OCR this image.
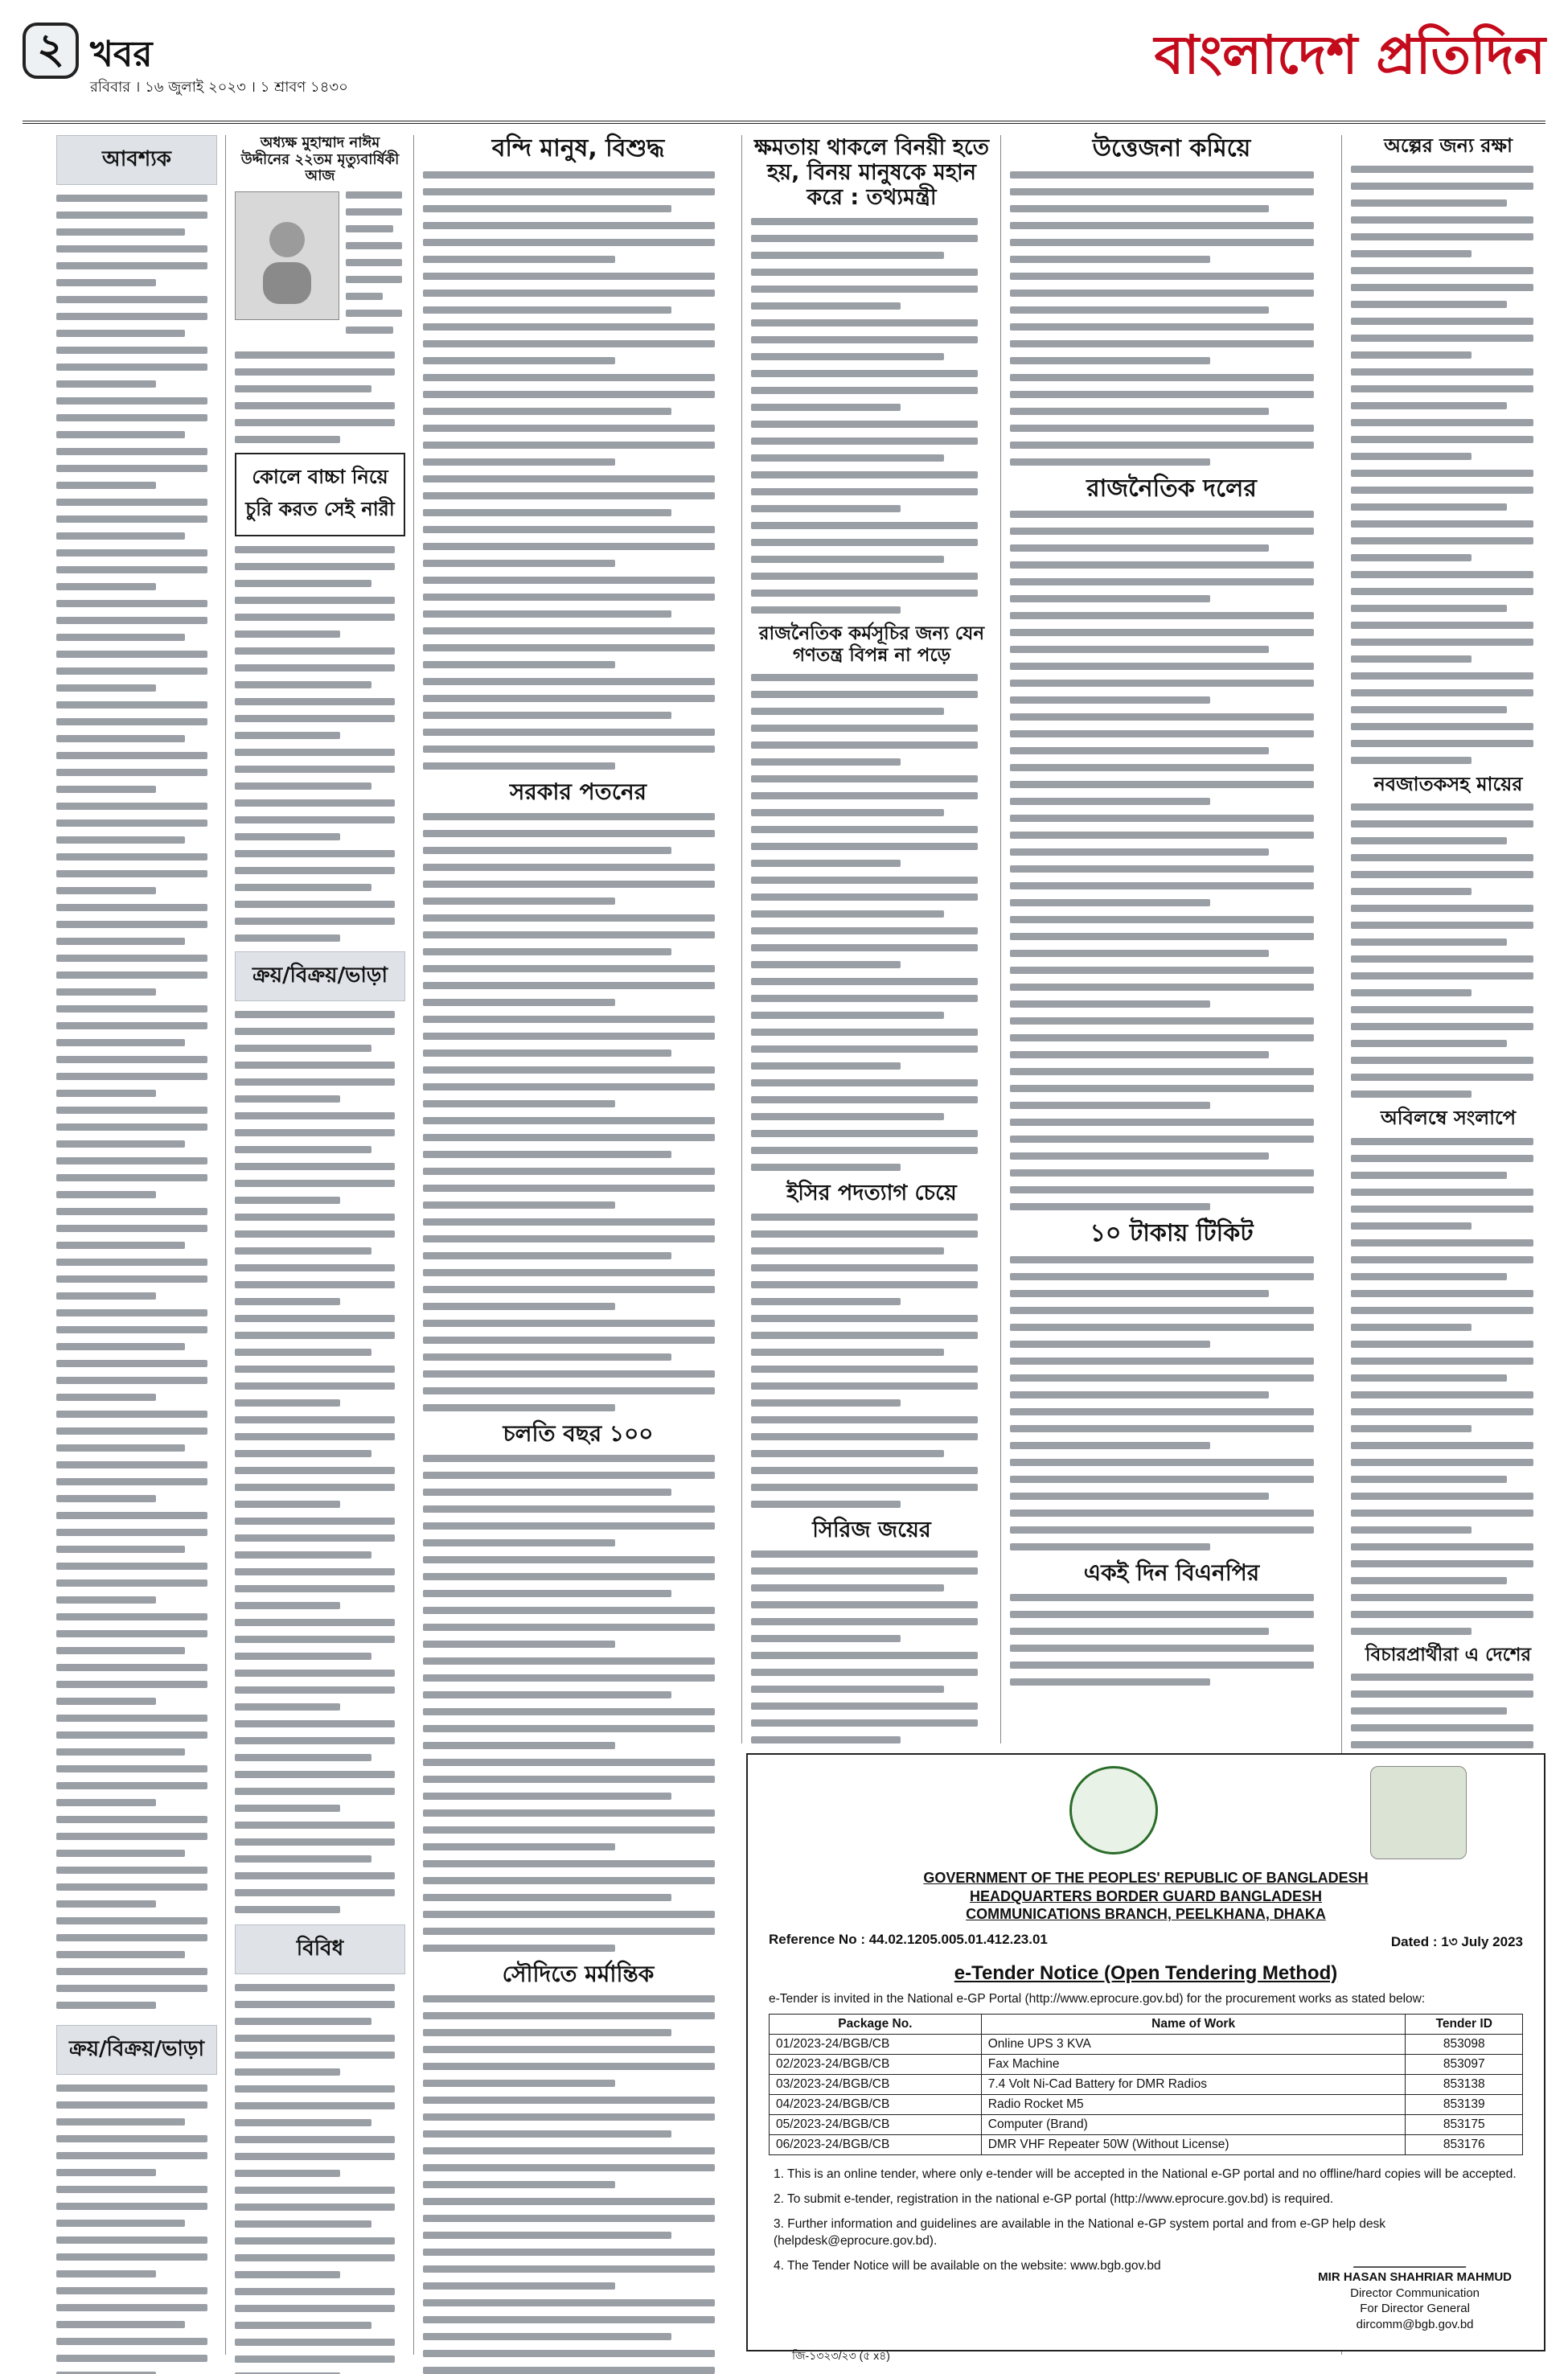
২ খবর
রবিবার । ১৬ জুলাই ২০২৩ । ১ শ্রাবণ ১৪৩০
বাংলাদেশ প্রতিদিন
আবশ্যক
ক্রয়/বিক্রয়/ভাড়া
অধ্যক্ষ মুহাম্মাদ নাঈম উদ্দীনের ২২তম মৃত্যুবার্ষিকী আজ
কোলে বাচ্চা নিয়ে চুরি করত সেই নারী
ক্রয়/বিক্রয়/ভাড়া
বিবিধ
বন্দি মানুষ, বিশুদ্ধ
সরকার পতনের
চলতি বছর ১০০
সৌদিতে মর্মান্তিক
ক্ষমতায় থাকলে বিনয়ী হতে হয়, বিনয় মানুষকে মহান করে : তথ্যমন্ত্রী
রাজনৈতিক কর্মসূচির জন্য যেন গণতন্ত্র বিপন্ন না পড়ে
ইসির পদত্যাগ চেয়ে
সিরিজ জয়ের
উত্তেজনা কমিয়ে
রাজনৈতিক দলের
১০ টাকায় টিকিট
একই দিন বিএনপির
অল্পের জন্য রক্ষা
নবজাতকসহ মায়ের
অবিলম্বে সংলাপে
বিচারপ্রার্থীরা এ দেশের
GOVERNMENT OF THE PEOPLES' REPUBLIC OF BANGLADESH
HEADQUARTERS BORDER GUARD BANGLADESH
COMMUNICATIONS BRANCH, PEELKHANA, DHAKA
Reference No : 44.02.1205.005.01.412.23.01	Dated : 1৩ July 2023
e-Tender Notice (Open Tendering Method)

e-Tender is invited in the National e-GP Portal (http://www.eprocure.gov.bd) for the procurement works as stated below:

Package No.	Name of Work	Tender ID
01/2023-24/BGB/CB	Online UPS 3 KVA	853098
02/2023-24/BGB/CB	Fax Machine	853097
03/2023-24/BGB/CB	7.4 Volt Ni-Cad Battery for DMR Radios	853138
04/2023-24/BGB/CB	Radio Rocket M5	853139
05/2023-24/BGB/CB	Computer (Brand)	853175
06/2023-24/BGB/CB	DMR VHF Repeater 50W (Without License)	853176
1. This is an online tender, where only e-tender will be accepted in the National e-GP portal and no offline/hard copies will be accepted.
2. To submit e-tender, registration in the national e-GP portal (http://www.eprocure.gov.bd) is required.
3. Further information and guidelines are available in the National e-GP system portal and from e-GP help desk (helpdesk@eprocure.gov.bd).
4. The Tender Notice will be available on the website: www.bgb.gov.bd
MIR HASAN SHAHRIAR MAHMUD
Director Communication
For Director General
dircomm@bgb.gov.bd
জি-১৩২৩/২৩ (৫ x৪)
